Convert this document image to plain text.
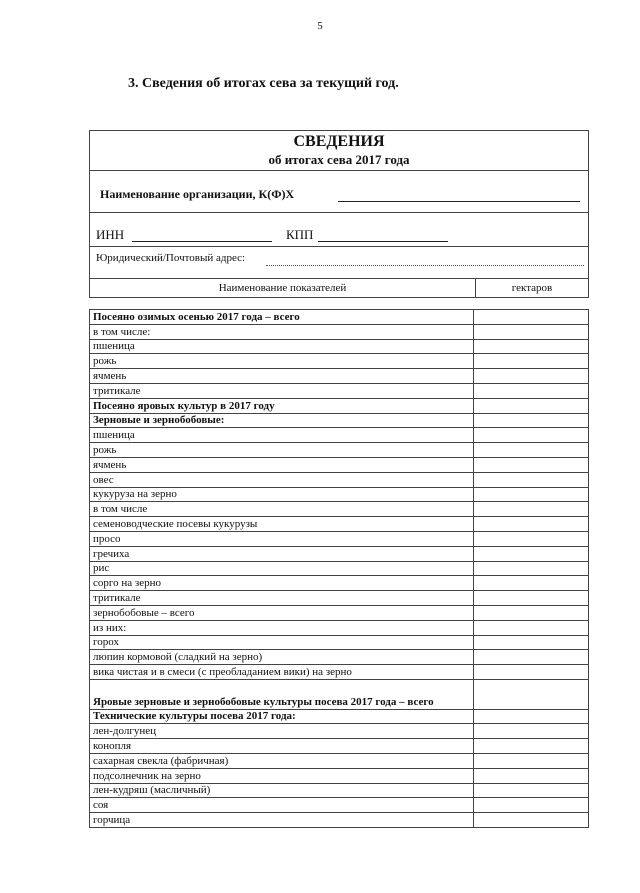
5
3. Сведения об итогах сева за текущий год.
СВЕДЕНИЯ
об итогах сева 2017 года
Наименование организации, К(Ф)Х
ИНН	КПП
Юридический/Почтовый адрес:
Наименование показателей	гектаров
Посеяно озимых осенью 2017 года – всего	
в том числе:	
пшеница	
рожь	
ячмень	
тритикале	
Посеяно яровых культур в 2017 году	
Зерновые и зернобобовые:	
пшеница	
рожь	
ячмень	
овес	
кукуруза на зерно	
в том числе	
семеноводческие посевы кукурузы	
просо	
гречиха	
рис	
сорго на зерно	
тритикале	
зернобобовые – всего	
из них:	
горох	
люпин кормовой (сладкий на зерно)	
вика чистая и в смеси (с преобладанием вики) на зерно	
Яровые зерновые и зернобобовые культуры посева 2017 года – всего	
Технические культуры посева 2017 года:	
лен-долгунец	
конопля	
сахарная свекла (фабричная)	
подсолнечник на зерно	
лен-кудряш (масличный)	
соя	
горчица	
